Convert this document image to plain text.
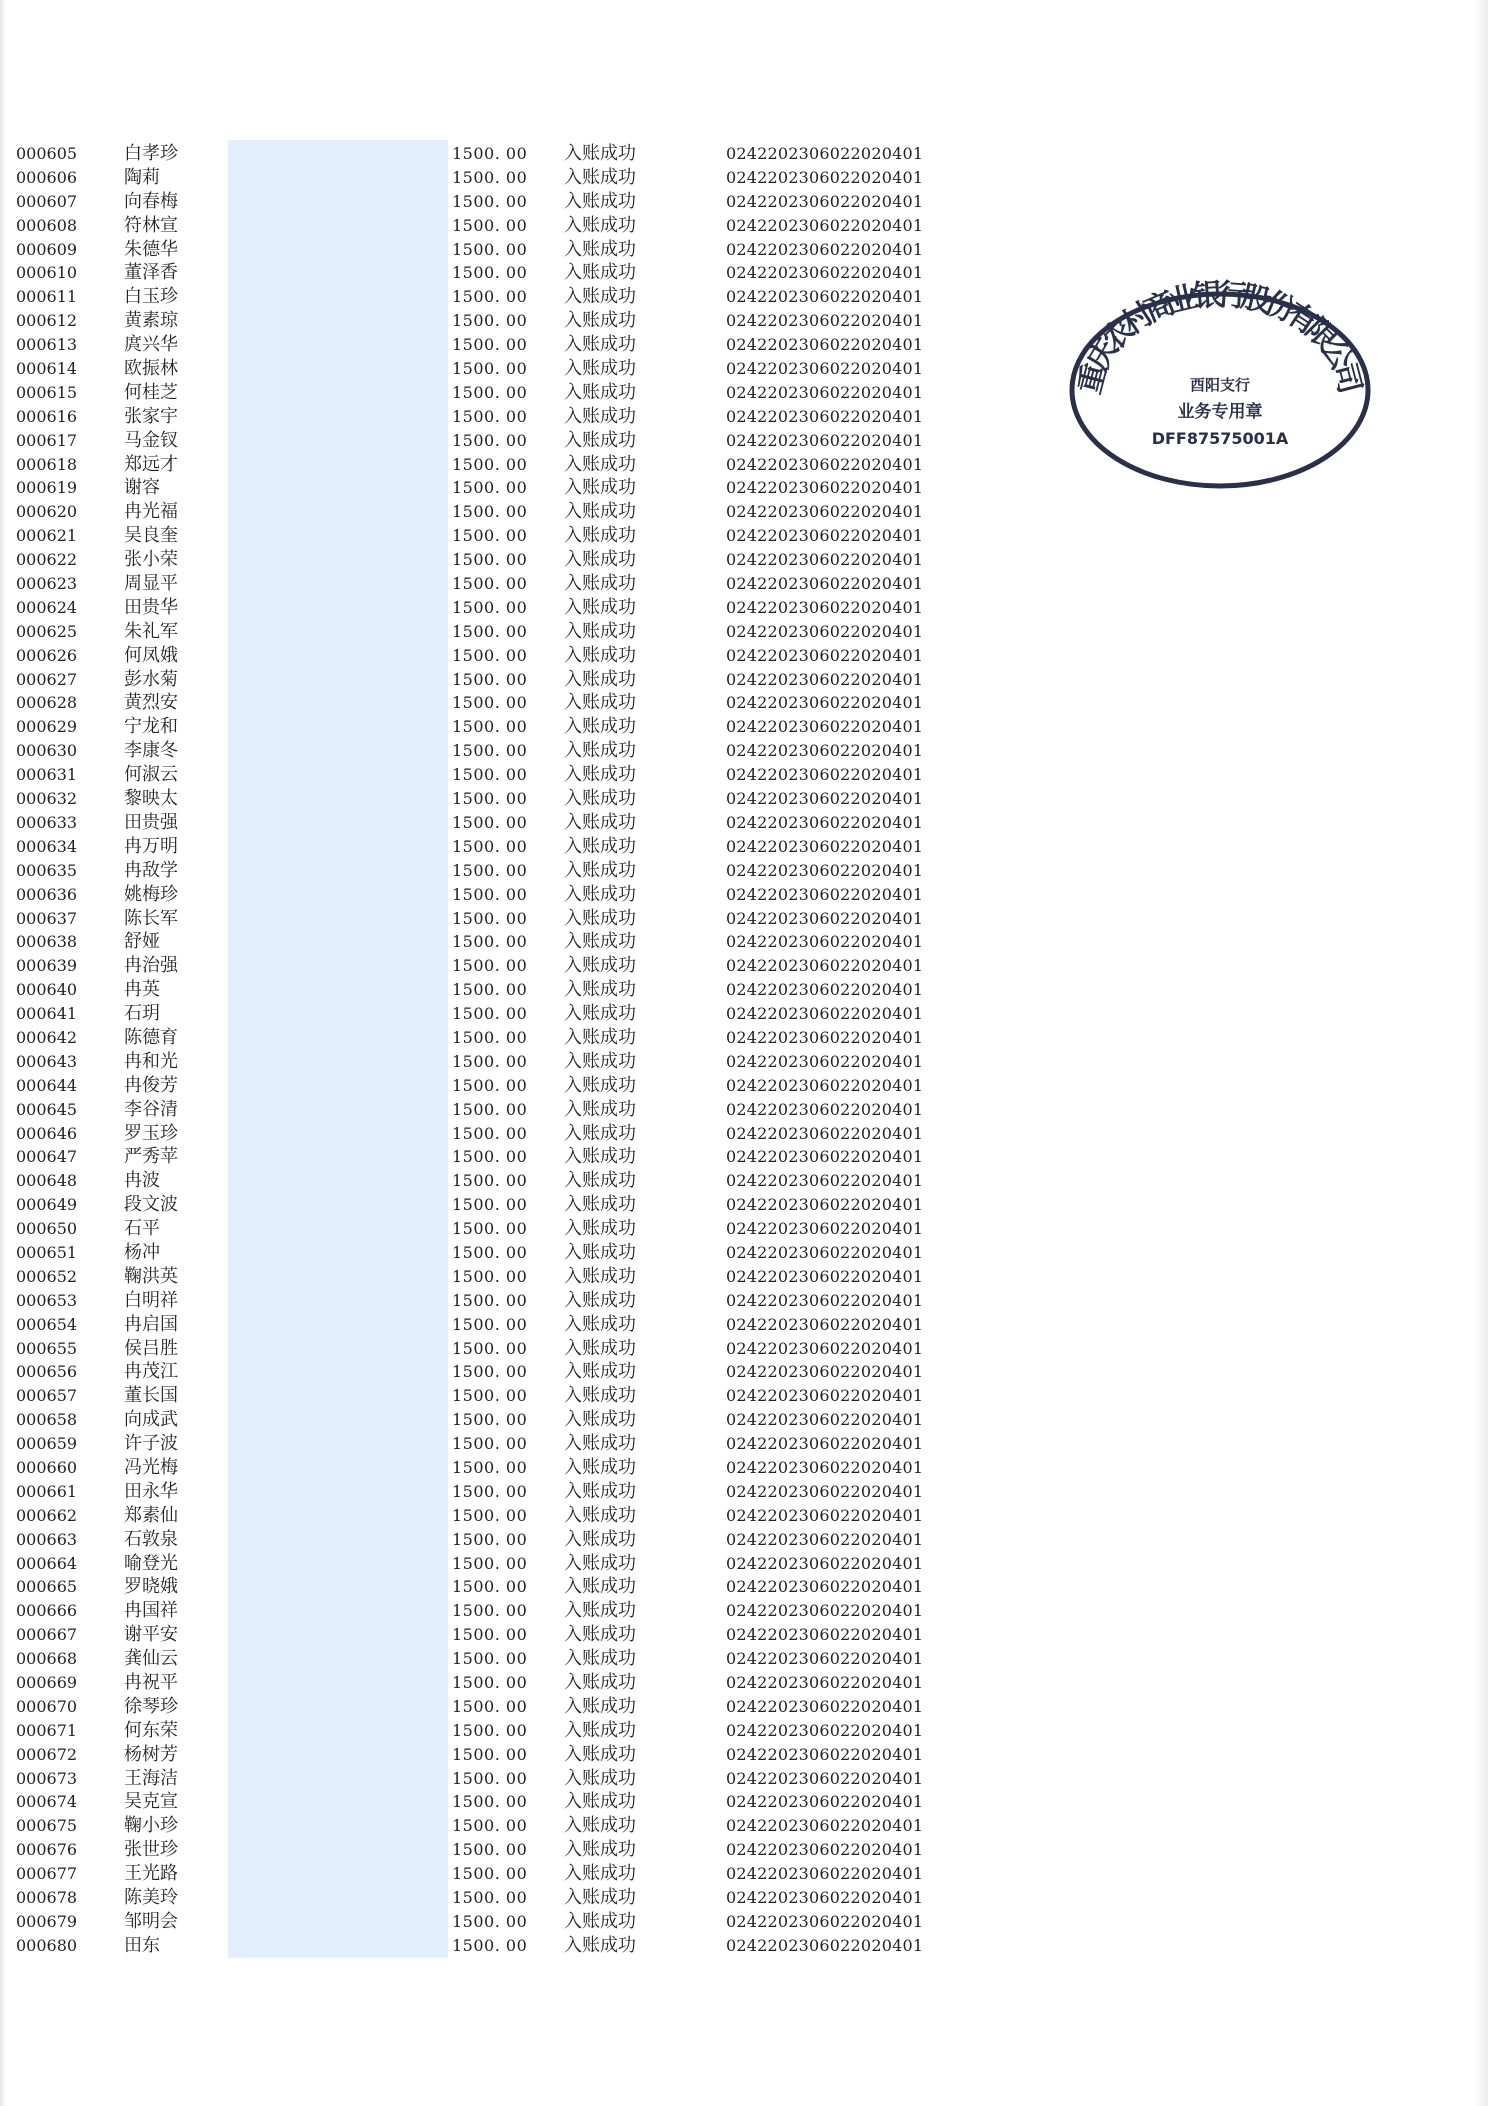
000605	白孝珍	1500. 00	入账成功	024220230602202040​1
000606	陶莉	1500. 00	入账成功	0242202306022020401
000607	向春梅	1500. 00	入账成功	0242202306022020401
000608	符林宣	1500. 00	入账成功	0242202306022020401
000609	朱德华	1500. 00	入账成功	0242202306022020401
000610	董泽香	1500. 00	入账成功	0242202306022020401
000611	白玉珍	1500. 00	入账成功	0242202306022020401
000612	黄素琼	1500. 00	入账成功	0242202306022020401
000613	庹兴华	1500. 00	入账成功	0242202306022020401
000614	欧振林	1500. 00	入账成功	0242202306022020401
000615	何桂芝	1500. 00	入账成功	0242202306022020401
000616	张家宇	1500. 00	入账成功	0242202306022020401
000617	马金钗	1500. 00	入账成功	0242202306022020401
000618	郑远才	1500. 00	入账成功	0242202306022020401
000619	谢容	1500. 00	入账成功	0242202306022020401
000620	冉光福	1500. 00	入账成功	0242202306022020401
000621	吴良奎	1500. 00	入账成功	0242202306022020401
000622	张小荣	1500. 00	入账成功	0242202306022020401
000623	周显平	1500. 00	入账成功	0242202306022020401
000624	田贵华	1500. 00	入账成功	0242202306022020401
000625	朱礼军	1500. 00	入账成功	0242202306022020401
000626	何凤娥	1500. 00	入账成功	0242202306022020401
000627	彭水菊	1500. 00	入账成功	0242202306022020401
000628	黄烈安	1500. 00	入账成功	0242202306022020401
000629	宁龙和	1500. 00	入账成功	0242202306022020401
000630	李康冬	1500. 00	入账成功	0242202306022020401
000631	何淑云	1500. 00	入账成功	0242202306022020401
000632	黎映太	1500. 00	入账成功	0242202306022020401
000633	田贵强	1500. 00	入账成功	0242202306022020401
000634	冉万明	1500. 00	入账成功	0242202306022020401
000635	冉敌学	1500. 00	入账成功	0242202306022020401
000636	姚梅珍	1500. 00	入账成功	0242202306022020401
000637	陈长军	1500. 00	入账成功	0242202306022020401
000638	舒娅	1500. 00	入账成功	0242202306022020401
000639	冉治强	1500. 00	入账成功	0242202306022020401
000640	冉英	1500. 00	入账成功	0242202306022020401
000641	石玥	1500. 00	入账成功	0242202306022020401
000642	陈德育	1500. 00	入账成功	0242202306022020401
000643	冉和光	1500. 00	入账成功	0242202306022020401
000644	冉俊芳	1500. 00	入账成功	0242202306022020401
000645	李谷清	1500. 00	入账成功	0242202306022020401
000646	罗玉珍	1500. 00	入账成功	0242202306022020401
000647	严秀苹	1500. 00	入账成功	0242202306022020401
000648	冉波	1500. 00	入账成功	0242202306022020401
000649	段文波	1500. 00	入账成功	0242202306022020401
000650	石平	1500. 00	入账成功	0242202306022020401
000651	杨冲	1500. 00	入账成功	0242202306022020401
000652	鞠洪英	1500. 00	入账成功	0242202306022020401
000653	白明祥	1500. 00	入账成功	0242202306022020401
000654	冉启国	1500. 00	入账成功	0242202306022020401
000655	侯吕胜	1500. 00	入账成功	0242202306022020401
000656	冉茂江	1500. 00	入账成功	0242202306022020401
000657	董长国	1500. 00	入账成功	0242202306022020401
000658	向成武	1500. 00	入账成功	0242202306022020401
000659	许子波	1500. 00	入账成功	0242202306022020401
000660	冯光梅	1500. 00	入账成功	0242202306022020401
000661	田永华	1500. 00	入账成功	0242202306022020401
000662	郑素仙	1500. 00	入账成功	0242202306022020401
000663	石敦泉	1500. 00	入账成功	0242202306022020401
000664	喻登光	1500. 00	入账成功	0242202306022020401
000665	罗晓娥	1500. 00	入账成功	0242202306022020401
000666	冉国祥	1500. 00	入账成功	0242202306022020401
000667	谢平安	1500. 00	入账成功	0242202306022020401
000668	龚仙云	1500. 00	入账成功	0242202306022020401
000669	冉祝平	1500. 00	入账成功	0242202306022020401
000670	徐琴珍	1500. 00	入账成功	0242202306022020401
000671	何东荣	1500. 00	入账成功	0242202306022020401
000672	杨树芳	1500. 00	入账成功	0242202306022020401
000673	王海洁	1500. 00	入账成功	0242202306022020401
000674	吴克宣	1500. 00	入账成功	0242202306022020401
000675	鞠小珍	1500. 00	入账成功	0242202306022020401
000676	张世珍	1500. 00	入账成功	0242202306022020401
000677	王光路	1500. 00	入账成功	0242202306022020401
000678	陈美玲	1500. 00	入账成功	0242202306022020401
000679	邹明会	1500. 00	入账成功	0242202306022020401
000680	田东	1500. 00	入账成功	0242202306022020401
重庆农村商业银行股份有限公司
酉阳支行
业务专用章
DFF87575001A
